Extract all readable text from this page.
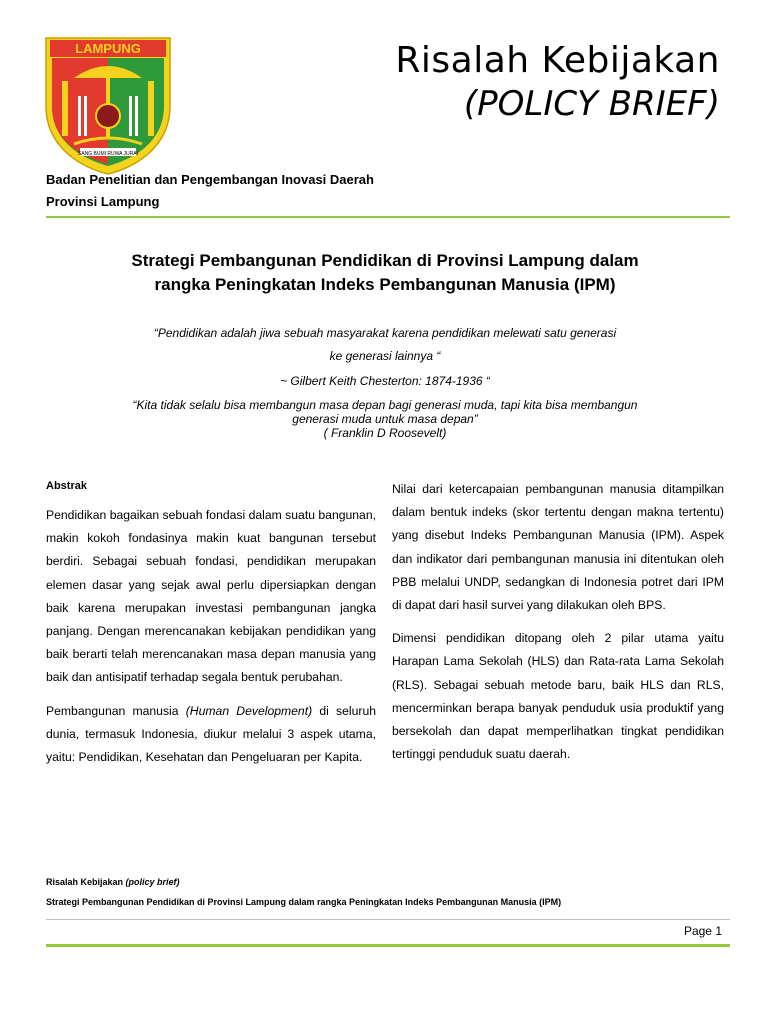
LAMPUNG
SANG BUMI RUWA JURAI
Risalah Kebijakan
(POLICY BRIEF)
Badan Penelitian dan Pengembangan Inovasi Daerah
Provinsi Lampung
Strategi Pembangunan Pendidikan di Provinsi Lampung dalam
rangka Peningkatan Indeks Pembangunan Manusia (IPM)
“Pendidikan adalah jiwa sebuah masyarakat karena pendidikan melewati satu generasi
ke generasi lainnya “
~ Gilbert Keith Chesterton: 1874-1936 “
“Kita tidak selalu bisa membangun masa depan bagi generasi muda, tapi kita bisa membangun
generasi muda untuk masa depan”
( Franklin D Roosevelt)
Abstrak

Pendidikan bagaikan sebuah fondasi dalam suatu bangunan, makin kokoh fondasinya makin kuat bangunan tersebut berdiri. Sebagai sebuah fondasi, pendidikan merupakan elemen dasar yang sejak awal perlu dipersiapkan dengan baik karena merupakan investasi pembangunan jangka panjang. Dengan merencanakan kebijakan pendidikan yang baik berarti telah merencanakan masa depan manusia yang baik dan antisipatif terhadap segala bentuk perubahan.

Pembangunan manusia (Human Development) di seluruh dunia, termasuk Indonesia, diukur melalui 3 aspek utama, yaitu: Pendidikan, Kesehatan dan Pengeluaran per Kapita.

Nilai dari ketercapaian pembangunan manusia ditampilkan dalam bentuk indeks (skor tertentu dengan makna tertentu) yang disebut Indeks Pembangunan Manusia (IPM). Aspek dan indikator dari pembangunan manusia ini ditentukan oleh PBB melalui UNDP, sedangkan di Indonesia potret dari IPM di dapat dari hasil survei yang dilakukan oleh BPS.

Dimensi pendidikan ditopang oleh 2 pilar utama yaitu Harapan Lama Sekolah (HLS) dan Rata-rata Lama Sekolah (RLS). Sebagai sebuah metode baru, baik HLS dan RLS, mencerminkan berapa banyak penduduk usia produktif yang bersekolah dan dapat memperlihatkan tingkat pendidikan tertinggi penduduk suatu daerah.

Risalah Kebijakan (policy brief)
Strategi Pembangunan Pendidikan di Provinsi Lampung dalam rangka Peningkatan Indeks Pembangunan Manusia (IPM)
Page 1
